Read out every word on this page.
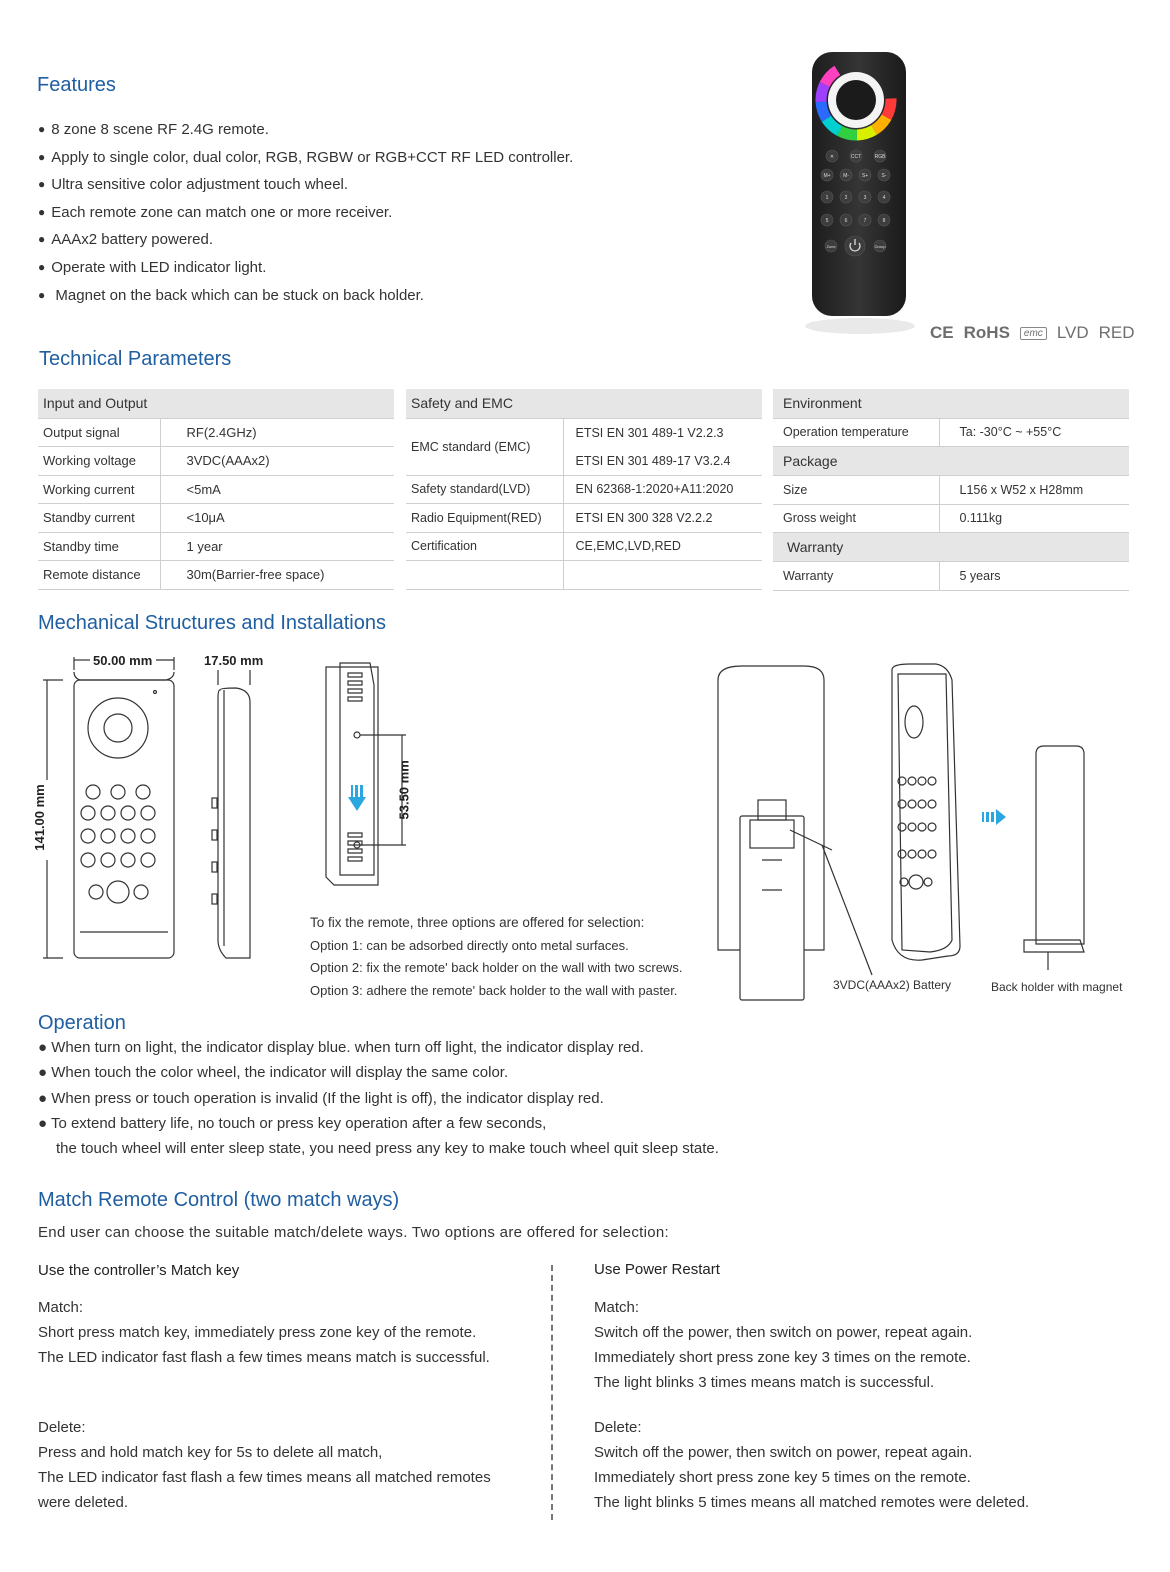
Features
● 8 zone 8 scene RF 2.4G remote.
● Apply to single color, dual color, RGB, RGBW or RGB+CCT RF LED controller.
● Ultra sensitive color adjustment touch wheel.
● Each remote zone can match one or more receiver.
● AAAx2 battery powered.
● Operate with LED indicator light.
● Magnet on the back which can be stuck on back holder.
✕	CCT	RGB
M+	M-	S+	S-
1	2	3	4
5	6	7	8
Zone	Group
CE RoHS	emc LVD RED
Technical Parameters
Input and Output	
Output signal	RF(2.4GHz)
Working voltage	3VDC(AAAx2)
Working current	<5mA
Standby current	<10μA
Standby time	1 year
Remote distance	30m(Barrier-free space)
Safety and EMC	
EMC standard (EMC)	ETSI EN 301 489-1 V2.2.3
ETSI EN 301 489-17 V3.2.4

Safety standard(LVD)	EN 62368-1:2020+A11:2020
Radio Equipment(RED)	ETSI EN 300 328 V2.2.2
Certification	CE,EMC,LVD,RED

Environment	
Operation temperature	Ta: -30°C ~ +55°C
Package	
Size	L156 x W52 x H28mm
Gross weight	0.111kg
Warranty	
Warranty	5 years
Mechanical Structures and Installations
50.00 mm	17.50 mm
141.00 mm	53.50 mm
To fix the remote, three options are offered for selection:
Option 1: can be adsorbed directly onto metal surfaces.
Option 2: fix the remote' back holder on the wall with two screws.
Option 3: adhere the remote' back holder to the wall with paster.	3VDC(AAAx2) Battery	Back holder with magnet
Operation
● When turn on light, the indicator display blue. when turn off light, the indicator display red.
● When touch the color wheel, the indicator will display the same color.
● When press or touch operation is invalid (If the light is off), the indicator display red.
● To extend battery life, no touch or press key operation after a few seconds,
the touch wheel will enter sleep state, you need press any key to make touch wheel quit sleep state.
Match Remote Control (two match ways)
End user can choose the suitable match/delete ways. Two options are offered for selection:
Use the controller’s Match key
Match:
Short press match key, immediately press zone key of the remote.
The LED indicator fast flash a few times means match is successful.
Delete:
Press and hold match key for 5s to delete all match,
The LED indicator fast flash a few times means all matched remotes
were deleted.
Use Power Restart
Match:
Switch off the power, then switch on power, repeat again.
Immediately short press zone key 3 times on the remote.
The light blinks 3 times means match is successful.
Delete:
Switch off the power, then switch on power, repeat again.
Immediately short press zone key 5 times on the remote.
The light blinks 5 times means all matched remotes were deleted.
